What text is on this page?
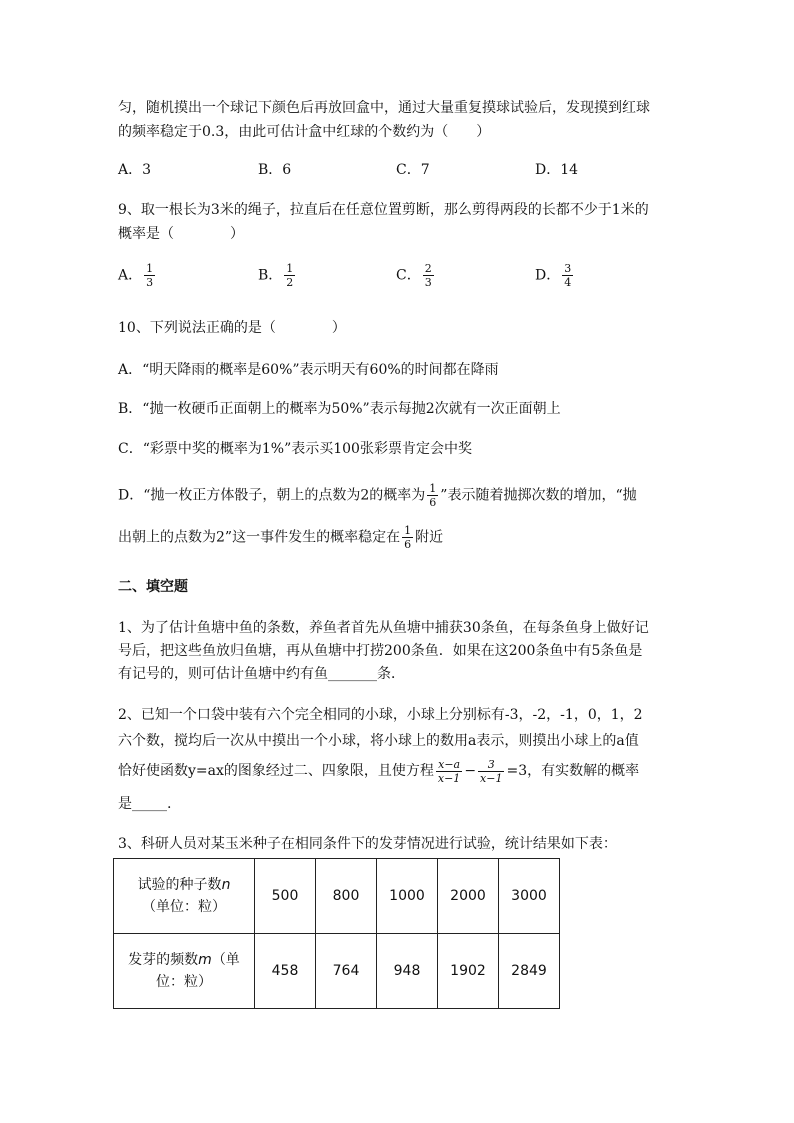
匀，随机摸出一个球记下颜色后再放回盒中，通过大量重复摸球试验后，发现摸到红球
的频率稳定于0.3，由此可估计盒中红球的个数约为（　　）
A．3	B．6	C．7	D．14
9、取一根长为3米的绳子，拉直后在任意位置剪断，那么剪得两段的长都不少于1米的
概率是（　　　　）
A． $\frac{1}{3}$	B． $\frac{1}{2}$	C． $\frac{2}{3}$	D． $\frac{3}{4}$
10、下列说法正确的是（　　　　）
A．“明天降雨的概率是60%”表示明天有60%的时间都在降雨
B．“抛一枚硬币正面朝上的概率为50%”表示每抛2次就有一次正面朝上
C．“彩票中奖的概率为1%”表示买100张彩票肯定会中奖
D．“抛一枚正方体骰子，朝上的点数为2的概率为 $\frac{1}{6}$ ”表示随着抛掷次数的增加，“抛
出朝上的点数为2”这一事件发生的概率稳定在 $\frac{1}{6}$ 附近
二、填空题
1、为了估计鱼塘中鱼的条数，养鱼者首先从鱼塘中捕获30条鱼，在每条鱼身上做好记
号后，把这些鱼放归鱼塘，再从鱼塘中打捞200条鱼．如果在这200条鱼中有5条鱼是
有记号的，则可估计鱼塘中约有鱼_______条．
2、已知一个口袋中装有六个完全相同的小球，小球上分别标有-3，-2，-1，0，1，2
六个数，搅均后一次从中摸出一个小球，将小球上的数用a表示，则摸出小球上的a值
恰好使函数y=ax的图象经过二、四象限，且使方程 $\frac{x-a}{x-1} - \frac{3}{x-1} =3$，有实数解的概率
是_____.
3、科研人员对某玉米种子在相同条件下的发芽情况进行试验，统计结果如下表：
试验的种子数n
（单位：粒）	500	800	1000	2000	3000
发芽的频数m（单
位：粒）	458	764	948	1902	2849
